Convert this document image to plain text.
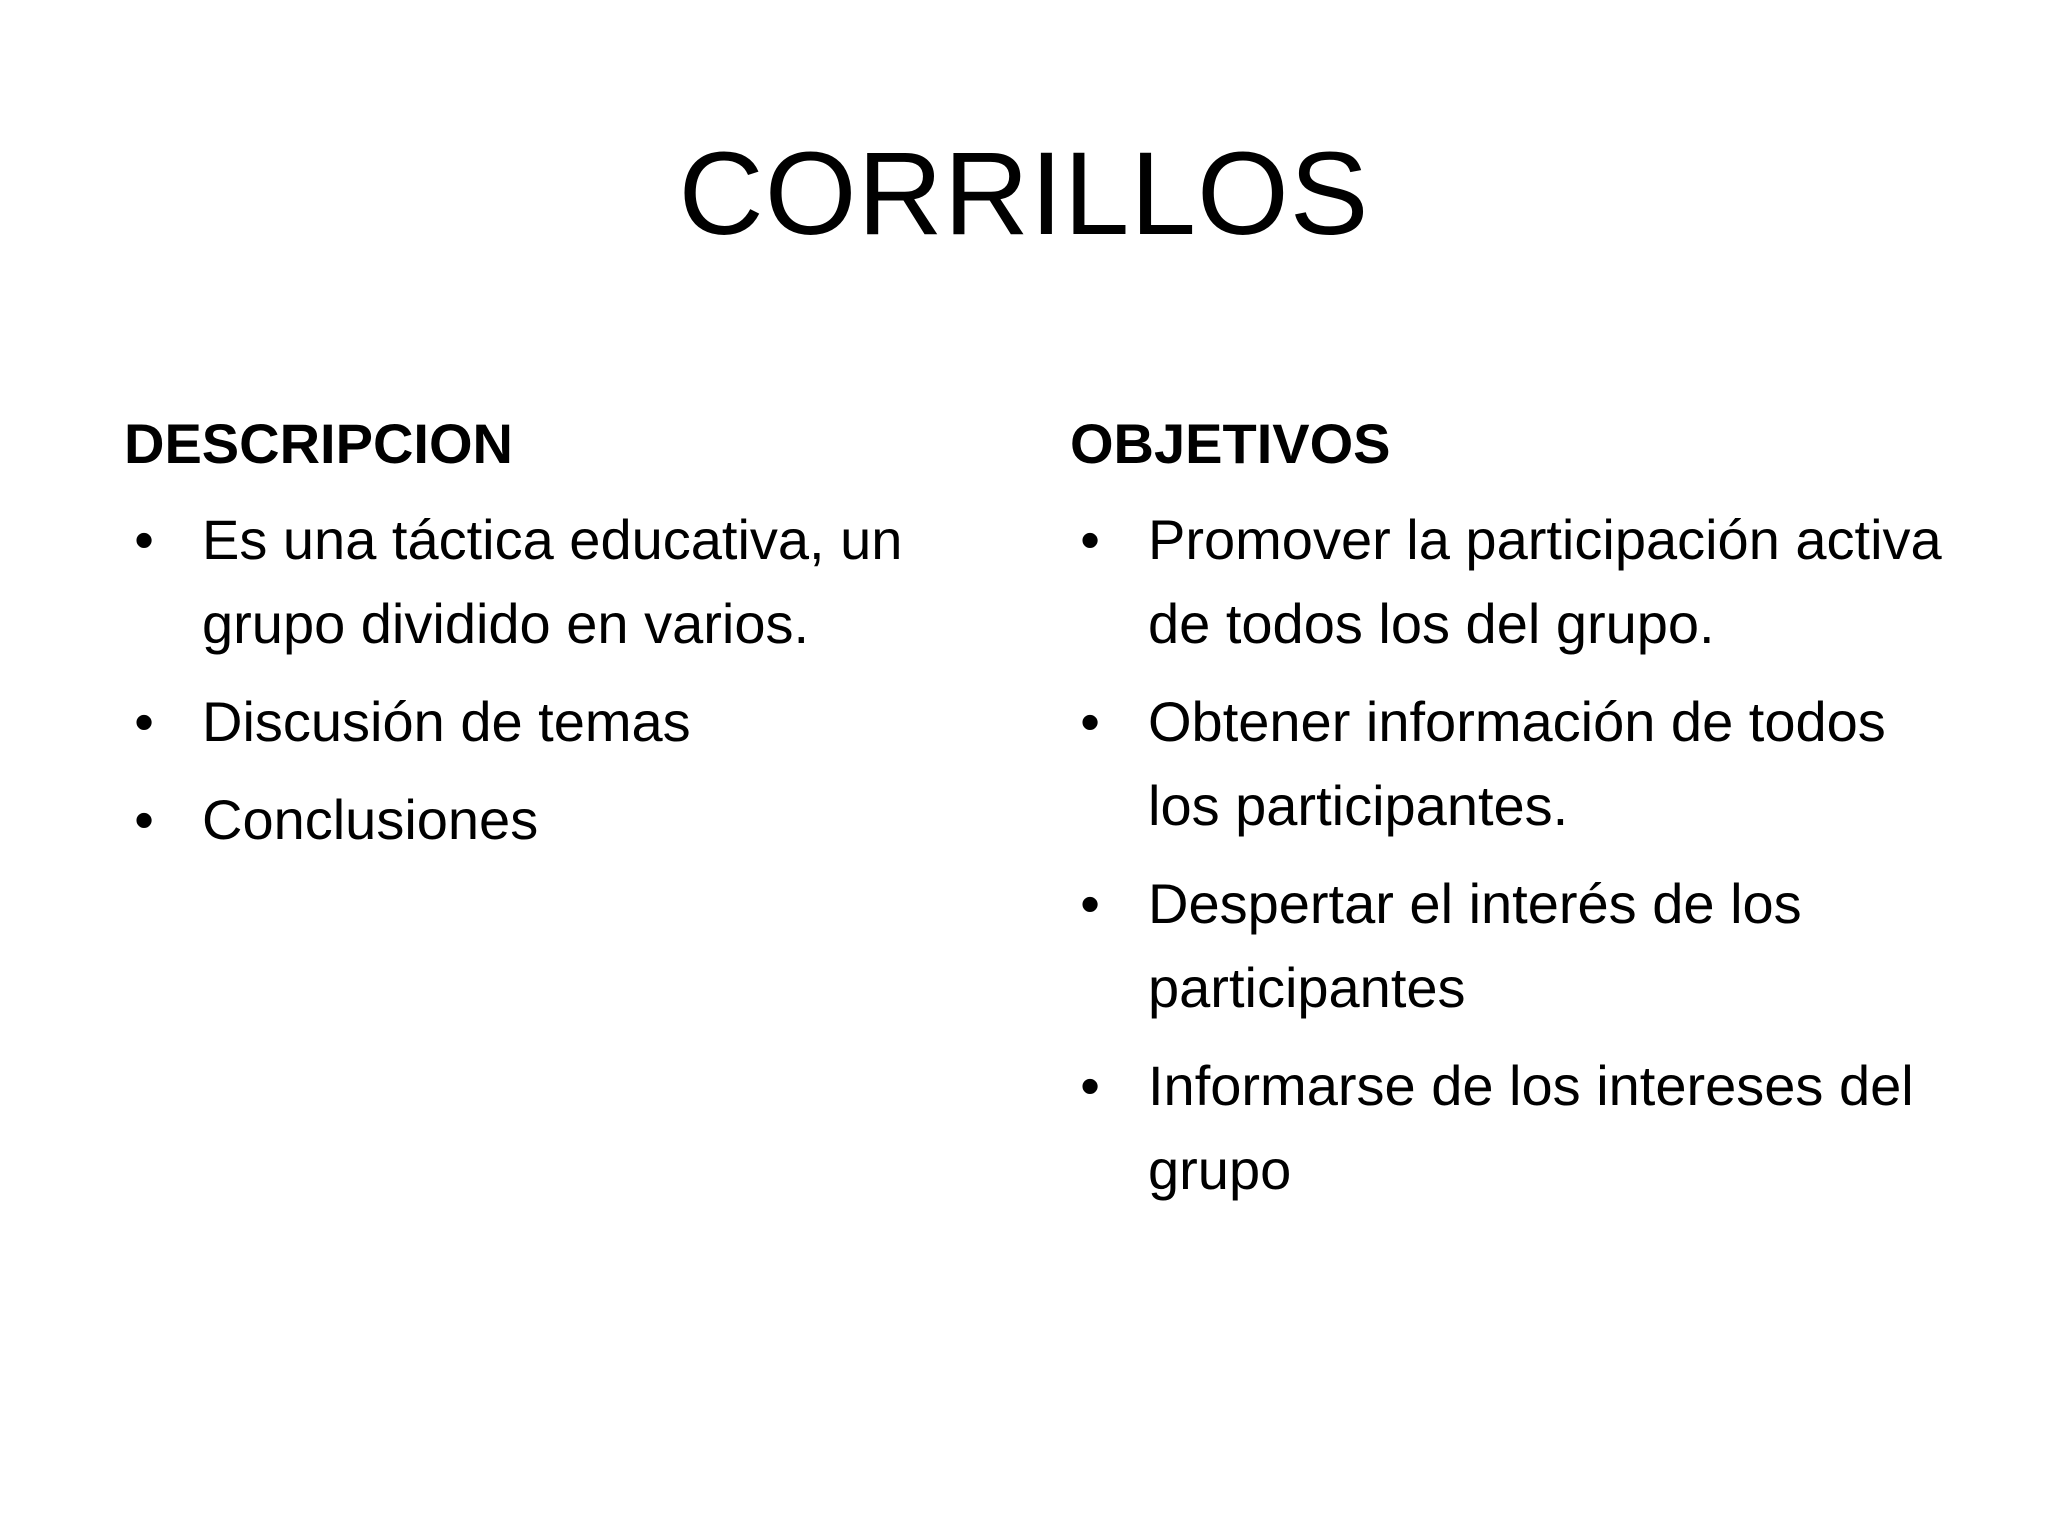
CORRILLOS
DESCRIPCION
• Es una táctica educativa, un grupo dividido en varios.
• Discusión de temas
• Conclusiones
OBJETIVOS
• Promover la participación activa de todos los del grupo.
• Obtener información de todos los participantes.
• Despertar el interés de los participantes
• Informarse de los intereses del grupo
